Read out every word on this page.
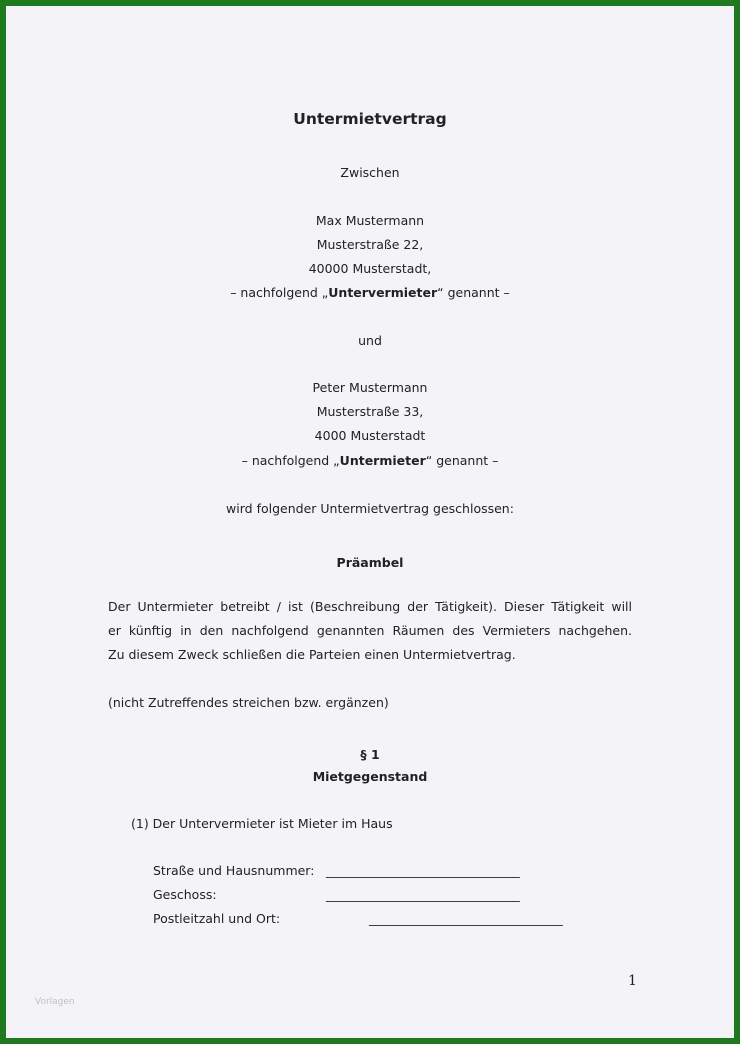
Untermietvertrag
Zwischen
Max Mustermann
Musterstraße 22,
40000 Musterstadt,
– nachfolgend „Untervermieter“ genannt –
und
Peter Mustermann
Musterstraße 33,
4000 Musterstadt
– nachfolgend „Untermieter“ genannt –
wird folgender Untermietvertrag geschlossen:
Präambel
Der Untermieter betreibt / ist (Beschreibung der Tätigkeit). Dieser Tätigkeit will
er künftig in den nachfolgend genannten Räumen des Vermieters nachgehen.
Zu diesem Zweck schließen die Parteien einen Untermietvertrag.
(nicht Zutreffendes streichen bzw. ergänzen)
§ 1
Mietgegenstand
(1) Der Untervermieter ist Mieter im Haus
Straße und Hausnummer: _______________________________
Geschoss:	_______________________________
Postleitzahl und Ort:	_______________________________
1
Vorlagen
